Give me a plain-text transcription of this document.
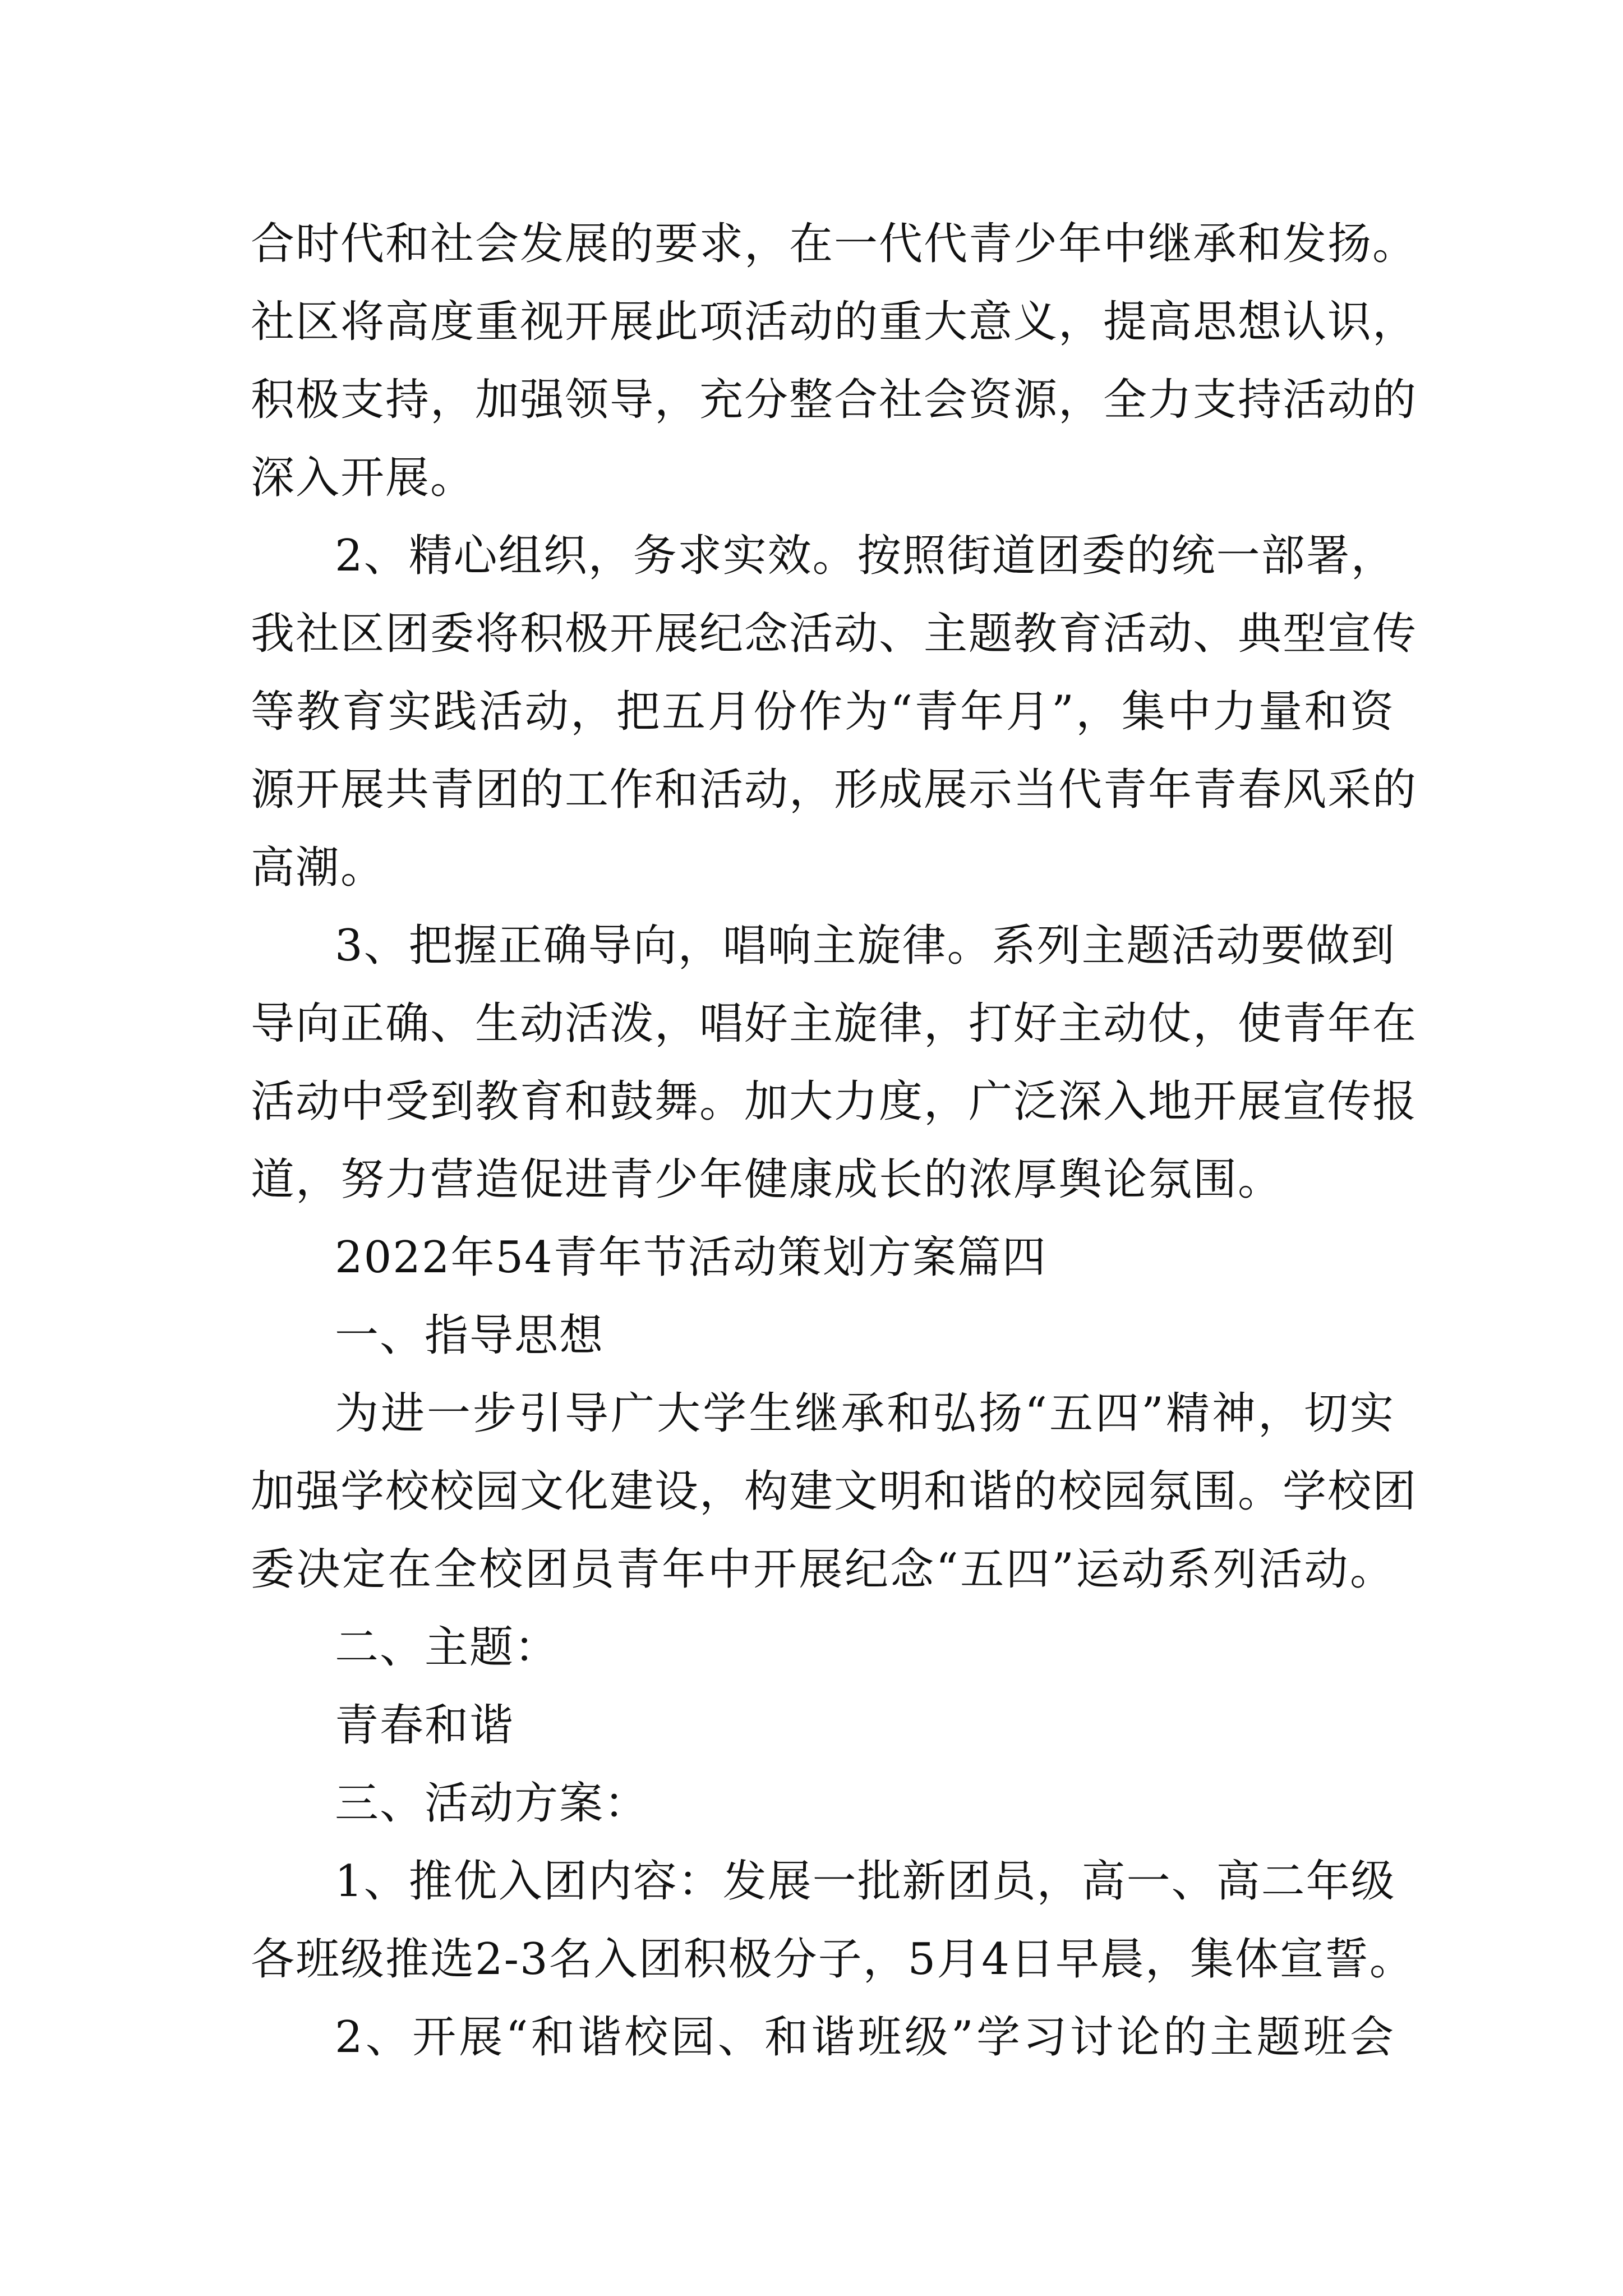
合时代和社会发展的要求，在一代代青少年中继承和发扬。
社区将高度重视开展此项活动的重大意义，提高思想认识，
积极支持，加强领导，充分整合社会资源，全力支持活动的
深入开展。
2、精心组织，务求实效。按照街道团委的统一部署，
我社区团委将积极开展纪念活动、主题教育活动、典型宣传
等教育实践活动，把五月份作为“青年月”，集中力量和资
源开展共青团的工作和活动，形成展示当代青年青春风采的
高潮。
3、把握正确导向，唱响主旋律。系列主题活动要做到
导向正确、生动活泼，唱好主旋律，打好主动仗，使青年在
活动中受到教育和鼓舞。加大力度，广泛深入地开展宣传报
道，努力营造促进青少年健康成长的浓厚舆论氛围。
2022年54青年节活动策划方案篇四
一、指导思想
为进一步引导广大学生继承和弘扬“五四”精神，切实
加强学校校园文化建设，构建文明和谐的校园氛围。学校团
委决定在全校团员青年中开展纪念“五四”运动系列活动。
二、主题：
青春和谐
三、活动方案：
1、推优入团内容：发展一批新团员，高一、高二年级
各班级推选2-3名入团积极分子，5月4日早晨，集体宣誓。
2、开展“和谐校园、和谐班级”学习讨论的主题班会
